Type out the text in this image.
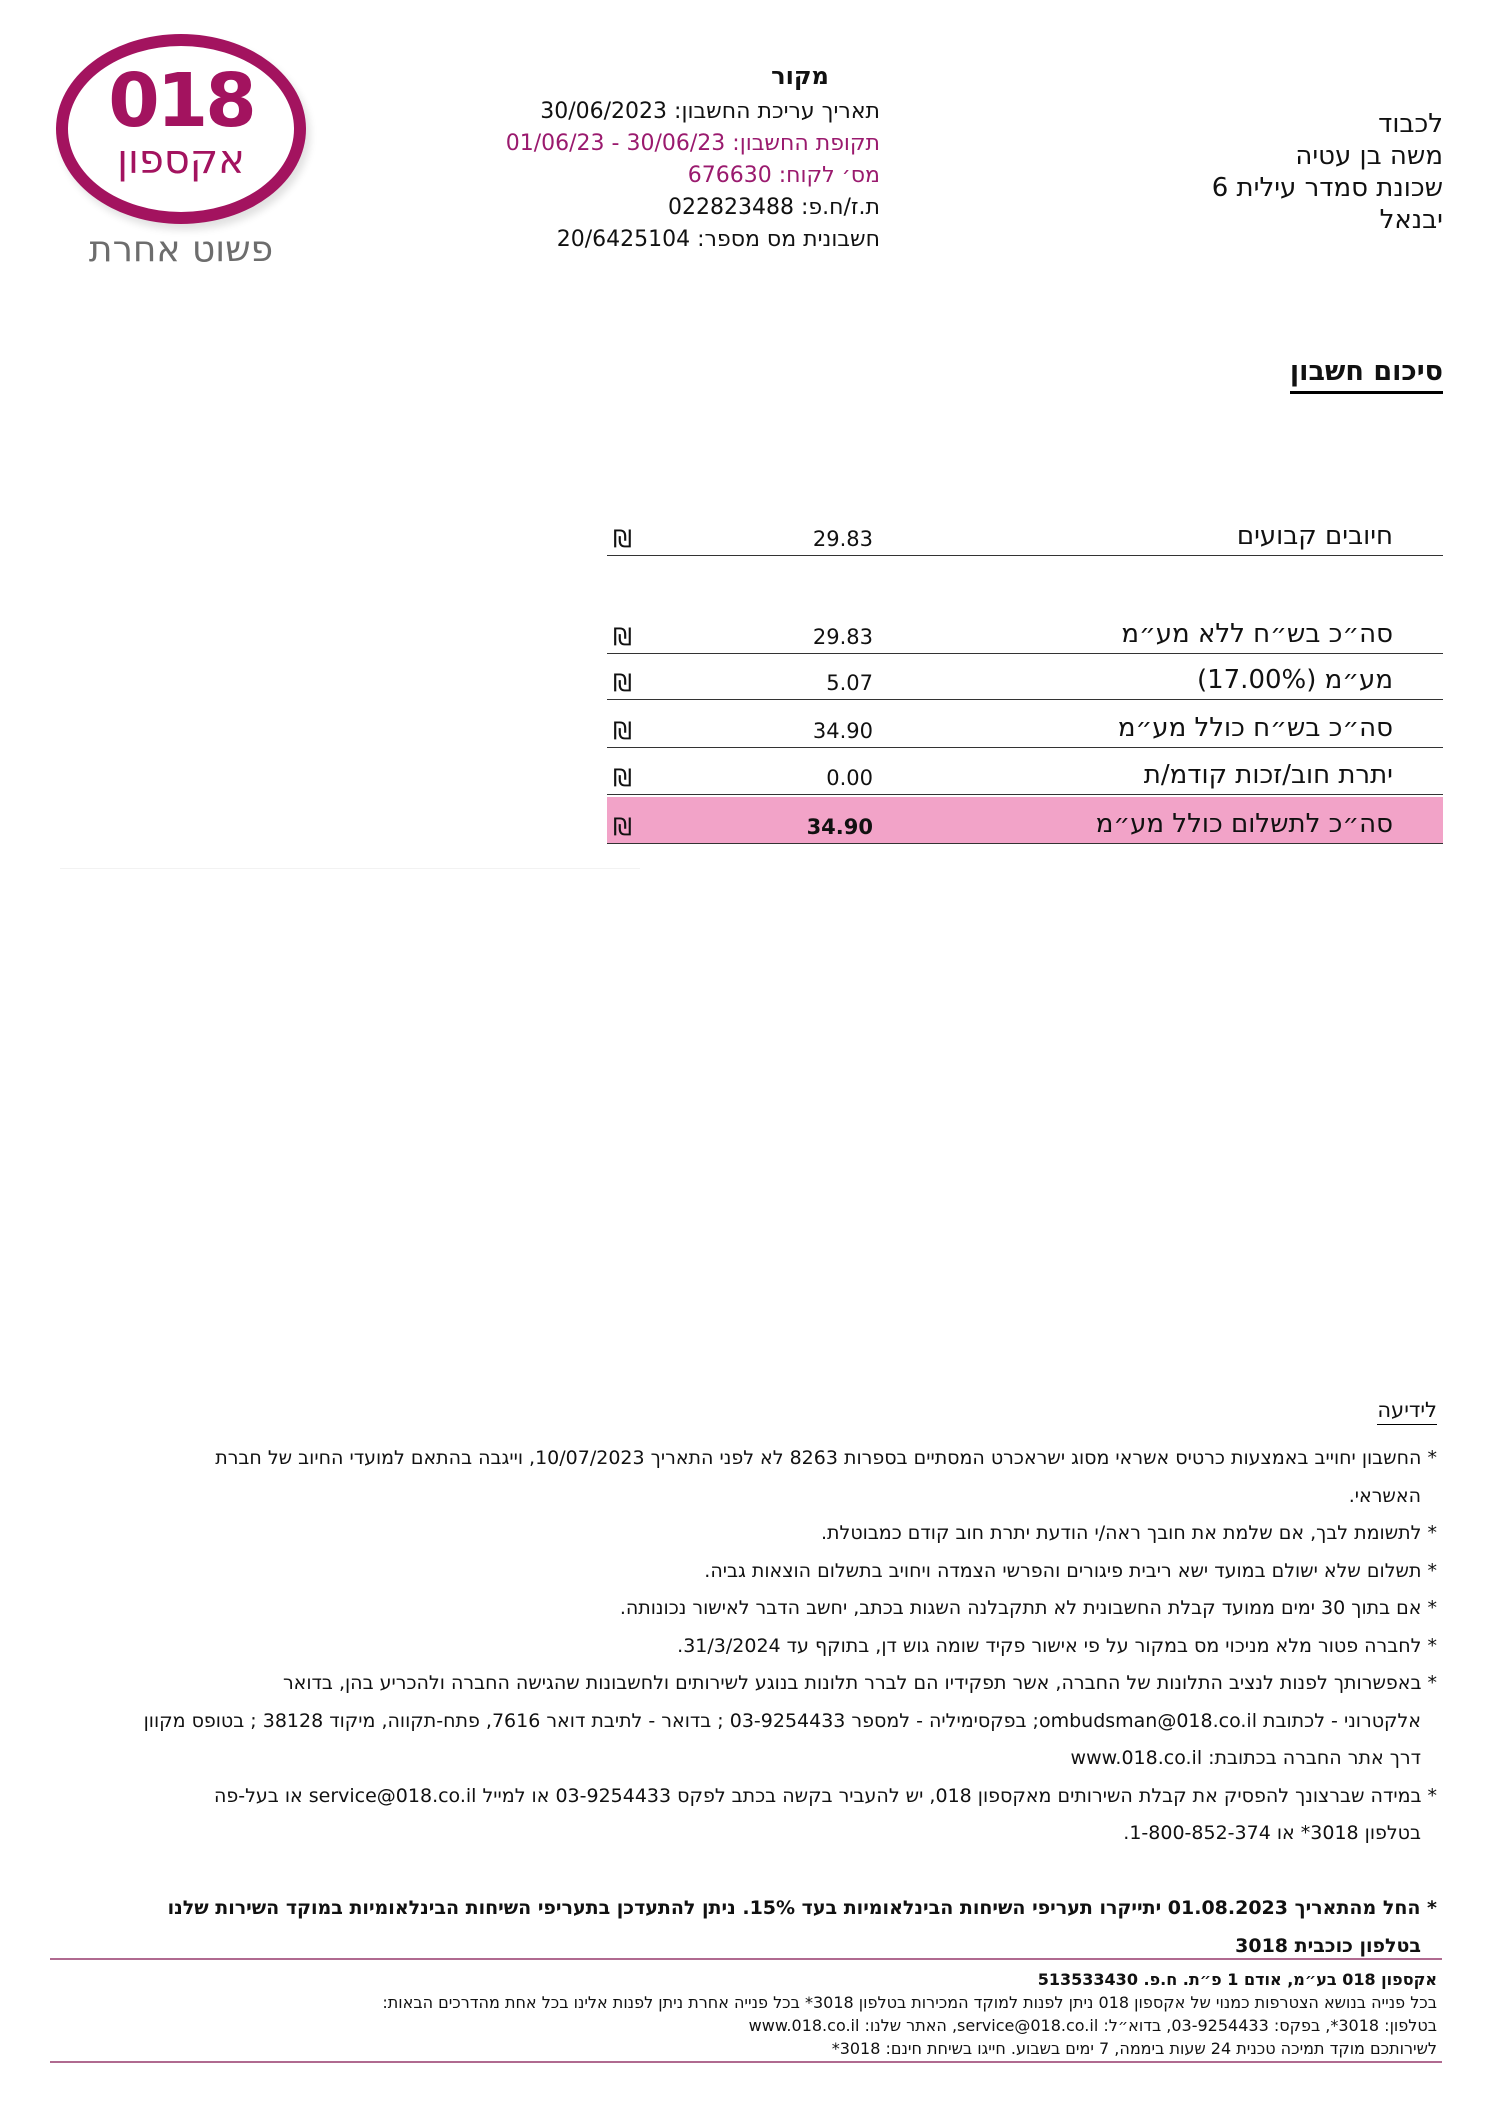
018
אקספון
פשוט אחרת
מקור
תאריך עריכת החשבון: 30/06/2023
תקופת החשבון: 30/06/23 - 01/06/23
מס׳ לקוח: 676630
ת.ז/ח.פ: 022823488
חשבונית מס מספר: 20/6425104
לכבוד
משה בן עטיה
שכונת סמדר עילית 6
יבנאל
סיכום חשבון
חיובים קבועים
29.83
₪
סה״כ בש״ח ללא מע״מ
29.83
₪
מע״מ (17.00%)
5.07
₪
סה״כ בש״ח כולל מע״מ
34.90
₪
יתרת חוב/זכות קודמ/ת
0.00
₪
סה״כ לתשלום כולל מע״מ
34.90
₪
לידיעה
* החשבון יחוייב באמצעות כרטיס אשראי מסוג ישראכרט המסתיים בספרות 8263 לא לפני התאריך 10/07/2023, וייגבה בהתאם למועדי החיוב של חברת
האשראי.
* לתשומת לבך, אם שלמת את חובך ראה/י הודעת יתרת חוב קודם כמבוטלת.
* תשלום שלא ישולם במועד ישא ריבית פיגורים והפרשי הצמדה ויחויב בתשלום הוצאות גביה.
* אם בתוך 30 ימים ממועד קבלת החשבונית לא תתקבלנה השגות בכתב, יחשב הדבר לאישור נכונותה.
* לחברה פטור מלא מניכוי מס במקור על פי אישור פקיד שומה גוש דן, בתוקף עד 31/3/2024.
* באפשרותך לפנות לנציב התלונות של החברה, אשר תפקידיו הם לברר תלונות בנוגע לשירותים ולחשבונות שהגישה החברה ולהכריע בהן, בדואר
אלקטרוני - לכתובת ombudsman@018.co.il; בפקסימיליה - למספר 03-9254433 ; בדואר - לתיבת דואר 7616, פתח-תקווה, מיקוד 38128 ; בטופס מקוון
דרך אתר החברה בכתובת: www.018.co.il
* במידה שברצונך להפסיק את קבלת השירותים מאקספון 018, יש להעביר בקשה בכתב לפקס 03-9254433 או למייל service@018.co.il או בעל-פה
בטלפון 3018* או 1-800-852-374.
* החל מהתאריך 01.08.2023 יתייקרו תעריפי השיחות הבינלאומיות בעד 15%. ניתן להתעדכן בתעריפי השיחות הבינלאומיות במוקד השירות שלנו
בטלפון כוכבית 3018
אקספון 018 בע״מ, אודם 1 פ״ת. ח.פ. 513533430
בכל פנייה בנושא הצטרפות כמנוי של אקספון 018 ניתן לפנות למוקד המכירות בטלפון 3018* בכל פנייה אחרת ניתן לפנות אלינו בכל אחת מהדרכים הבאות:
בטלפון: 3018*, בפקס: 03-9254433, בדוא״ל: service@018.co.il, האתר שלנו: www.018.co.il
לשירותכם מוקד תמיכה טכנית 24 שעות ביממה, 7 ימים בשבוע. חייגו בשיחת חינם: 3018*
